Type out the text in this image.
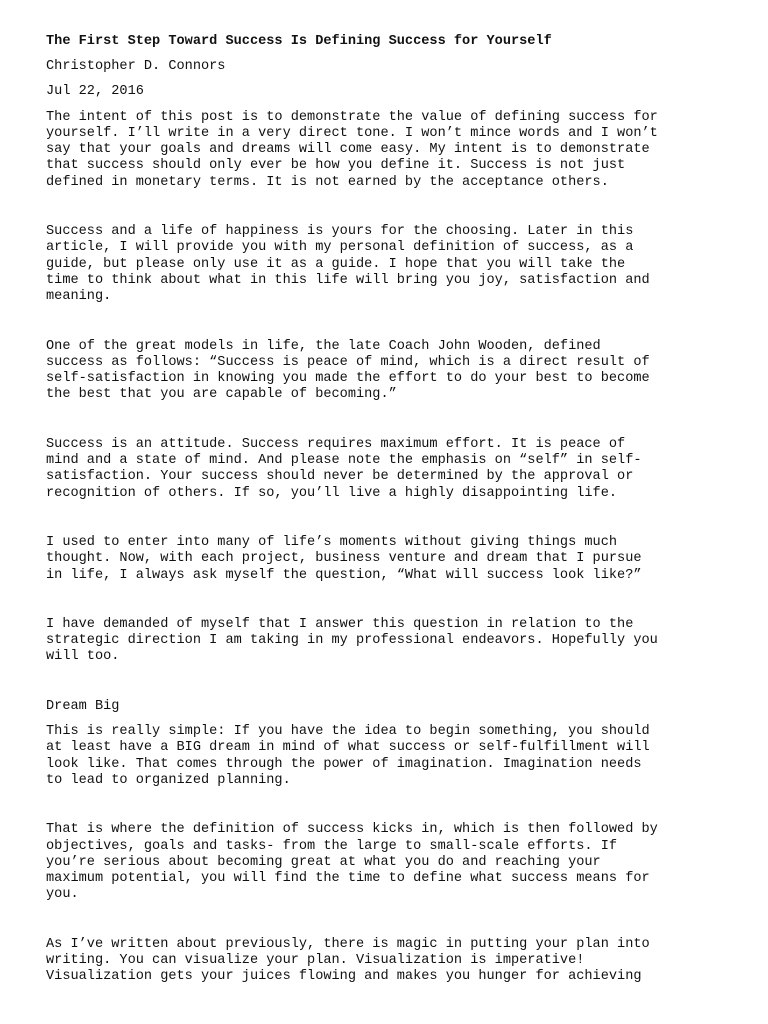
The First Step Toward Success Is Defining Success for Yourself
Christopher D. Connors
Jul 22, 2016
The intent of this post is to demonstrate the value of defining success for
yourself. I’ll write in a very direct tone. I won’t mince words and I won’t
say that your goals and dreams will come easy. My intent is to demonstrate
that success should only ever be how you define it. Success is not just
defined in monetary terms. It is not earned by the acceptance others.
Success and a life of happiness is yours for the choosing. Later in this
article, I will provide you with my personal definition of success, as a
guide, but please only use it as a guide. I hope that you will take the
time to think about what in this life will bring you joy, satisfaction and
meaning.
One of the great models in life, the late Coach John Wooden, defined
success as follows: “Success is peace of mind, which is a direct result of
self-satisfaction in knowing you made the effort to do your best to become
the best that you are capable of becoming.”
Success is an attitude. Success requires maximum effort. It is peace of
mind and a state of mind. And please note the emphasis on “self” in self-
satisfaction. Your success should never be determined by the approval or
recognition of others. If so, you’ll live a highly disappointing life.
I used to enter into many of life’s moments without giving things much
thought. Now, with each project, business venture and dream that I pursue
in life, I always ask myself the question, “What will success look like?”
I have demanded of myself that I answer this question in relation to the
strategic direction I am taking in my professional endeavors. Hopefully you
will too.
Dream Big
This is really simple: If you have the idea to begin something, you should
at least have a BIG dream in mind of what success or self-fulfillment will
look like. That comes through the power of imagination. Imagination needs
to lead to organized planning.
That is where the definition of success kicks in, which is then followed by
objectives, goals and tasks- from the large to small-scale efforts. If
you’re serious about becoming great at what you do and reaching your
maximum potential, you will find the time to define what success means for
you.
As I’ve written about previously, there is magic in putting your plan into
writing. You can visualize your plan. Visualization is imperative!
Visualization gets your juices flowing and makes you hunger for achieving
